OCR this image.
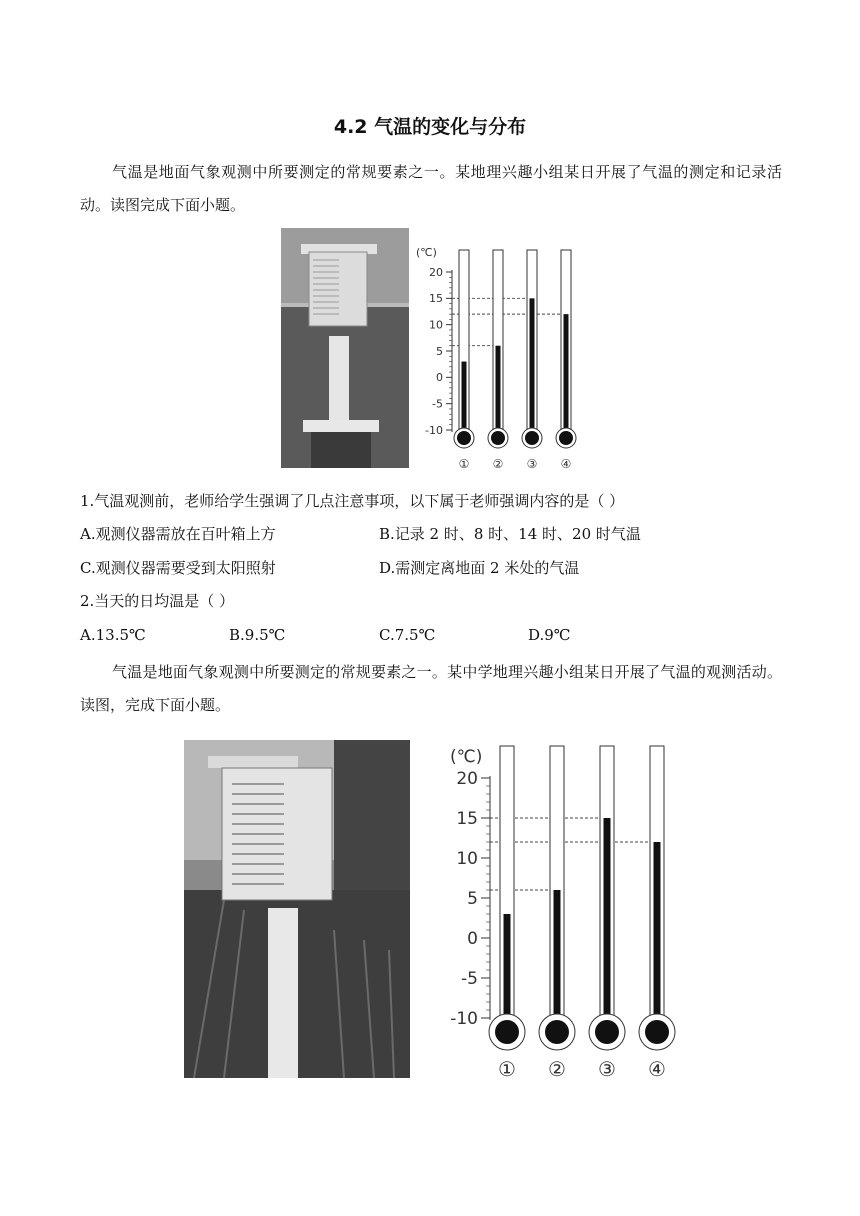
4.2 气温的变化与分布
气温是地面气象观测中所要测定的常规要素之一。某地理兴趣小组某日开展了气温的测定和记录活动。读图完成下面小题。
(℃)
20
15
10
5
0
-5
-10
① ② ③ ④
1.气温观测前，老师给学生强调了几点注意事项，以下属于老师强调内容的是（ ）
A.观测仪器需放在百叶箱上方	B.记录 2 时、8 时、14 时、20 时气温
C.观测仪器需要受到太阳照射	D.需测定离地面 2 米处的气温
2.当天的日均温是（ ）
A.13.5℃	B.9.5℃	C.7.5℃	D.9℃
气温是地面气象观测中所要测定的常规要素之一。某中学地理兴趣小组某日开展了气温的观测活动。读图，完成下面小题。
(℃)
20
15
10
5
0
-5
-10
① ② ③ ④
